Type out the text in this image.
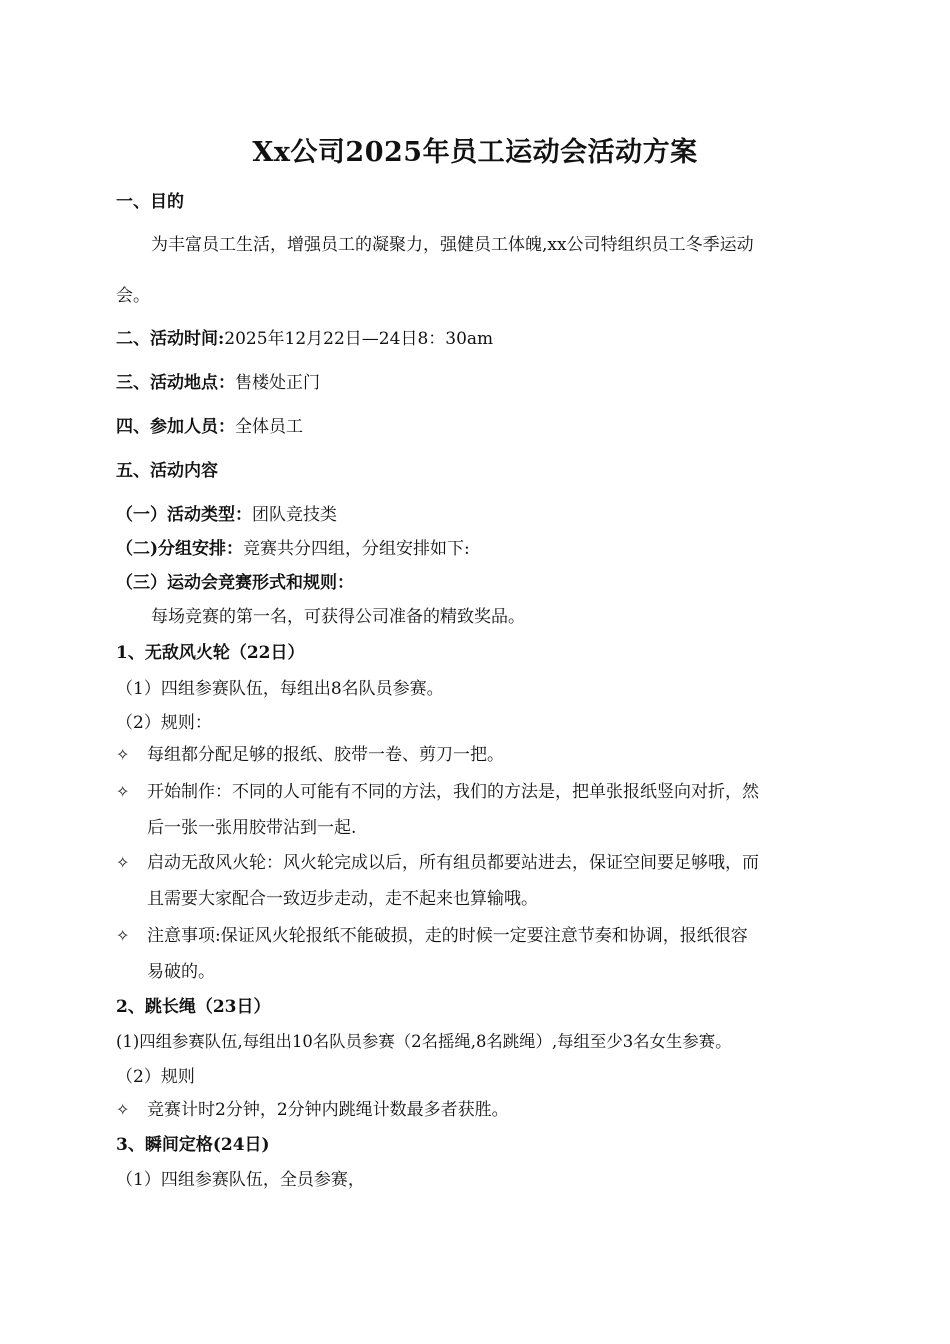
Xx公司2025年员工运动会活动方案
一、目的
为丰富员工生活，增强员工的凝聚力，强健员工体魄,xx公司特组织员工冬季运动
会。
二、活动时间:2025年12月22日—24日8：30am
三、活动地点：售楼处正门
四、参加人员：全体员工
五、活动内容
（一）活动类型：团队竞技类
（二)分组安排：竞赛共分四组，分组安排如下:
（三）运动会竞赛形式和规则：
每场竞赛的第一名，可获得公司准备的精致奖品。
1、无敌风火轮（22日）
（1）四组参赛队伍，每组出8名队员参赛。
（2）规则：
✧ 每组都分配足够的报纸、胶带一卷、剪刀一把。
✧ 开始制作：不同的人可能有不同的方法，我们的方法是，把单张报纸竖向对折，然
后一张一张用胶带沾到一起.
✧ 启动无敌风火轮：风火轮完成以后，所有组员都要站进去，保证空间要足够哦，而
且需要大家配合一致迈步走动，走不起来也算输哦。
✧ 注意事项:保证风火轮报纸不能破损，走的时候一定要注意节奏和协调，报纸很容
易破的。
2、跳长绳（23日）
(1)四组参赛队伍,每组出10名队员参赛（2名摇绳,8名跳绳）,每组至少3名女生参赛。
（2）规则
✧ 竞赛计时2分钟，2分钟内跳绳计数最多者获胜。
3、瞬间定格(24日)
（1）四组参赛队伍，全员参赛，
